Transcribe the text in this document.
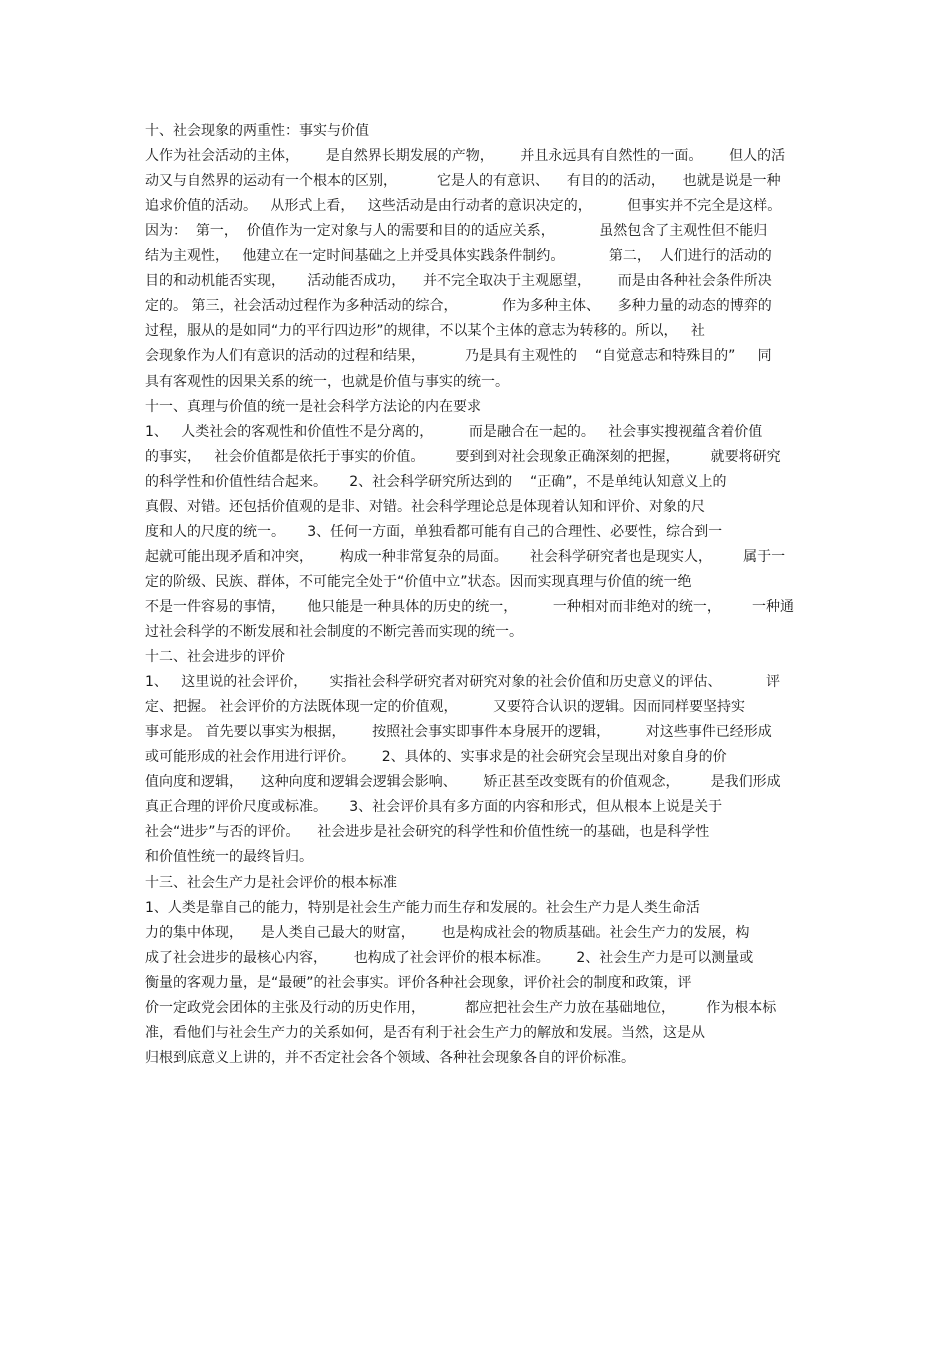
十、社会现象的两重性：事实与价值
人作为社会活动的主体，      是自然界长期发展的产物，      并且永远具有自然性的一面。      但人的活
动又与自然界的运动有一个根本的区别，         它是人的有意识、    有目的的活动，    也就是说是一种
追求价值的活动。   从形式上看，   这些活动是由行动者的意识决定的，        但事实并不完全是这样。
因为：  第一，  价值作为一定对象与人的需要和目的的适应关系，          虽然包含了主观性但不能归
结为主观性，   他建立在一定时间基础之上并受具体实践条件制约。          第二，  人们进行的活动的
目的和动机能否实现，     活动能否成功，    并不完全取决于主观愿望，      而是由各种社会条件所决
定的。 第三，社会活动过程作为多种活动的综合，          作为多种主体、    多种力量的动态的博弈的
过程，服从的是如同“力的平行四边形”的规律，不以某个主体的意志为转移的。所以，   社
会现象作为人们有意识的活动的过程和结果，         乃是具有主观性的    “自觉意志和特殊目的”     同
具有客观性的因果关系的统一，也就是价值与事实的统一。
十一、真理与价值的统一是社会科学方法论的内在要求
1、   人类社会的客观性和价值性不是分离的，        而是融合在一起的。   社会事实搜视蕴含着价值
的事实，   社会价值都是依托于事实的价值。       要到到对社会现象正确深刻的把握，       就要将研究
的科学性和价值性结合起来。     2、社会科学研究所达到的    “正确”，不是单纯认知意义上的
真假、对错。还包括价值观的是非、对错。社会科学理论总是体现着认知和评价、对象的尺
度和人的尺度的统一。     3、任何一方面，单独看都可能有自己的合理性、必要性，综合到一
起就可能出现矛盾和冲突，      构成一种非常复杂的局面。     社会科学研究者也是现实人，       属于一
定的阶级、民族、群体，不可能完全处于“价值中立”状态。因而实现真理与价值的统一绝
不是一件容易的事情，     他只能是一种具体的历史的统一，        一种相对而非绝对的统一，       一种通
过社会科学的不断发展和社会制度的不断完善而实现的统一。
十二、社会进步的评价
1、   这里说的社会评价，     实指社会科学研究者对研究对象的社会价值和历史意义的评估、          评
定、把握。 社会评价的方法既体现一定的价值观，        又要符合认识的逻辑。因而同样要坚持实
事求是。 首先要以事实为根据，      按照社会事实即事件本身展开的逻辑，        对这些事件已经形成
或可能形成的社会作用进行评价。      2、具体的、实事求是的社会研究会呈现出对象自身的价
值向度和逻辑，    这种向度和逻辑会逻辑会影响、      矫正甚至改变既有的价值观念，       是我们形成
真正合理的评价尺度或标准。     3、社会评价具有多方面的内容和形式，但从根本上说是关于
社会“进步”与否的评价。    社会进步是社会研究的科学性和价值性统一的基础，也是科学性
和价值性统一的最终旨归。
十三、社会生产力是社会评价的根本标准
1、人类是靠自己的能力，特别是社会生产能力而生存和发展的。社会生产力是人类生命活
力的集中体现，    是人类自己最大的财富，      也是构成社会的物质基础。社会生产力的发展，构
成了社会进步的最核心内容，      也构成了社会评价的根本标准。      2、社会生产力是可以测量或
衡量的客观力量，是“最硬”的社会事实。评价各种社会现象，评价社会的制度和政策，评
价一定政党会团体的主张及行动的历史作用，         都应把社会生产力放在基础地位，       作为根本标
准，看他们与社会生产力的关系如何，是否有利于社会生产力的解放和发展。当然，这是从
归根到底意义上讲的，并不否定社会各个领域、各种社会现象各自的评价标准。
